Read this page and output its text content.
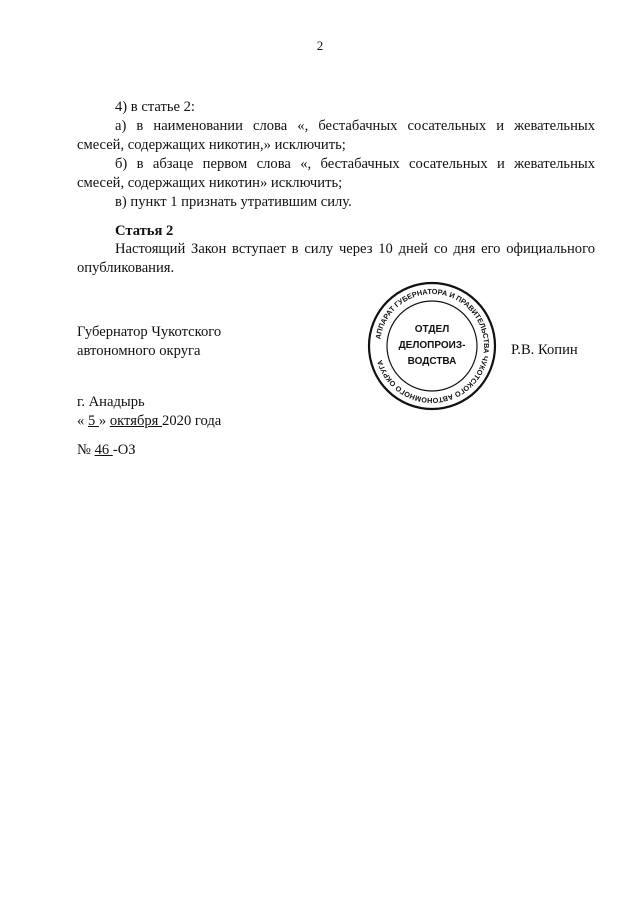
2
4) в статье 2:
а) в наименовании слова «, бестабачных сосательных и жевательных
смесей, содержащих никотин,» исключить;
б) в абзаце первом слова «, бестабачных сосательных и жевательных
смесей, содержащих никотин» исключить;
в) пункт 1 признать утратившим силу.
Статья 2
Настоящий Закон вступает в силу через 10 дней со дня его официального
опубликования.
Губернатор Чукотского
автономного округа
АППАРАТ ГУБЕРНАТОРА И ПРАВИТЕЛЬСТВА ЧУКОТСКОГО АВТОНОМНОГО ОКРУГА
ОТДЕЛ
ДЕЛОПРОИЗ-
ВОДСТВА
Р.В. Копин
г. Анадырь
« 5 » октября 2020 года
№ 46 -ОЗ
